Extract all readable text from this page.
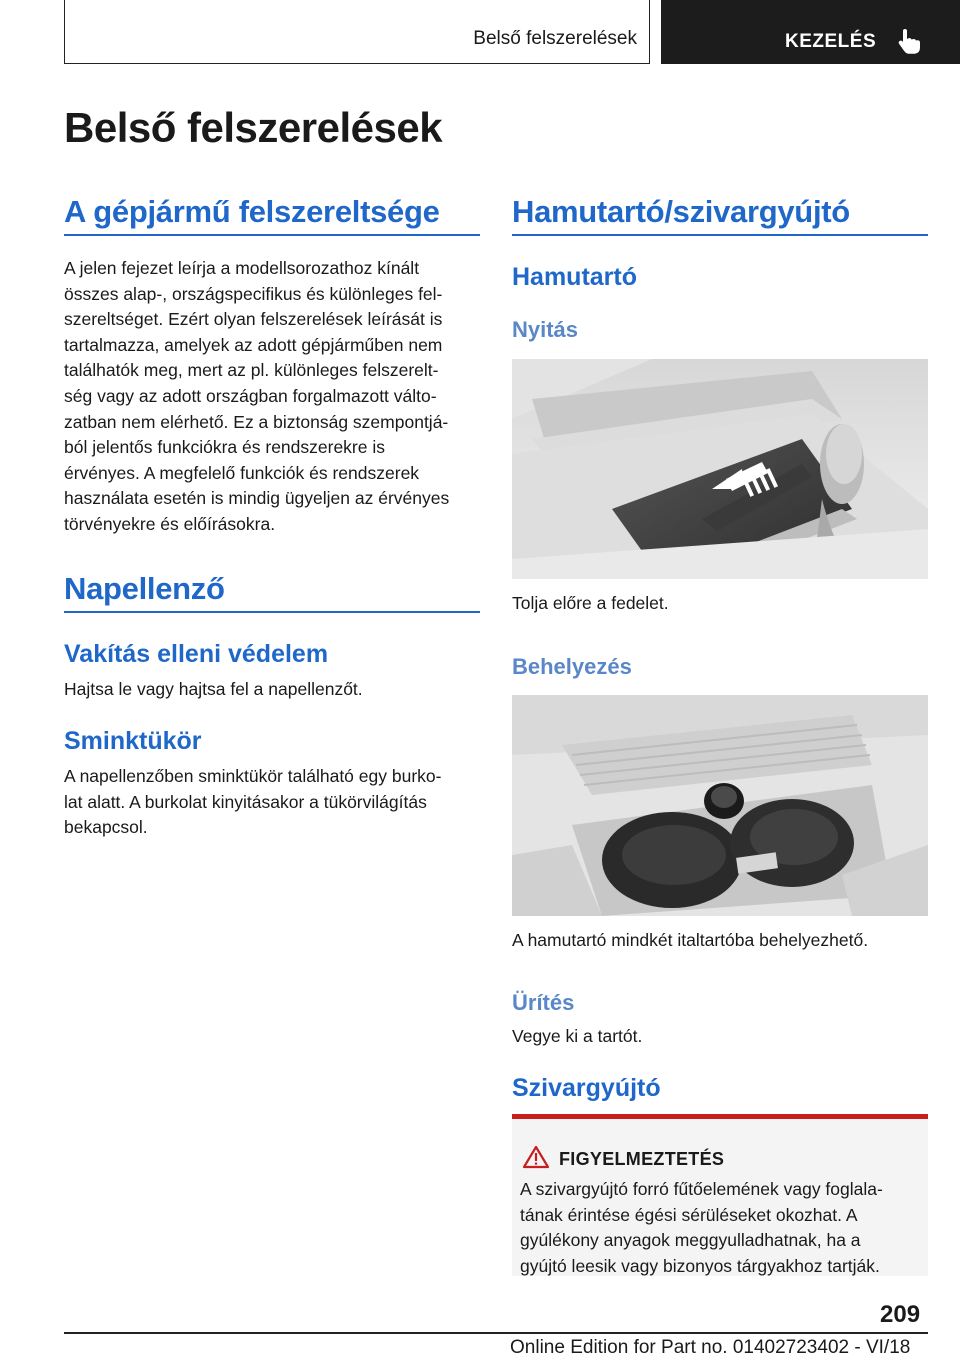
Belső felszerelések	KEZELÉS
Belső felszerelések
A gépjármű felszereltsége
A jelen fejezet leírja a modellsorozathoz kínált
összes alap-, országspecifikus és különleges fel-
szereltséget. Ezért olyan felszerelések leírását is
tartalmazza, amelyek az adott gépjárműben nem
találhatók meg, mert az pl. különleges felszerelt-
ség vagy az adott országban forgalmazott válto-
zatban nem elérhető. Ez a biztonság szempontjá-
ból jelentős funkciókra és rendszerekre is
érvényes. A megfelelő funkciók és rendszerek
használata esetén is mindig ügyeljen az érvényes
törvényekre és előírásokra.
Napellenző
Vakítás elleni védelem
Hajtsa le vagy hajtsa fel a napellenzőt.
Sminktükör
A napellenzőben sminktükör található egy burko-
lat alatt. A burkolat kinyitásakor a tükörvilágítás
bekapcsol.
Hamutartó/szivargyújtó
Hamutartó
Nyitás
Tolja előre a fedelet.
Behelyezés
A hamutartó mindkét italtartóba behelyezhető.
Ürítés
Vegye ki a tartót.
Szivargyújtó
FIGYELMEZTETÉS
A szivargyújtó forró fűtőelemének vagy foglala-
tának érintése égési sérüléseket okozhat. A
gyúlékony anyagok meggyulladhatnak, ha a
gyújtó leesik vagy bizonyos tárgyakhoz tartják.
209
Online Edition for Part no. 01402723402 - VI/18
